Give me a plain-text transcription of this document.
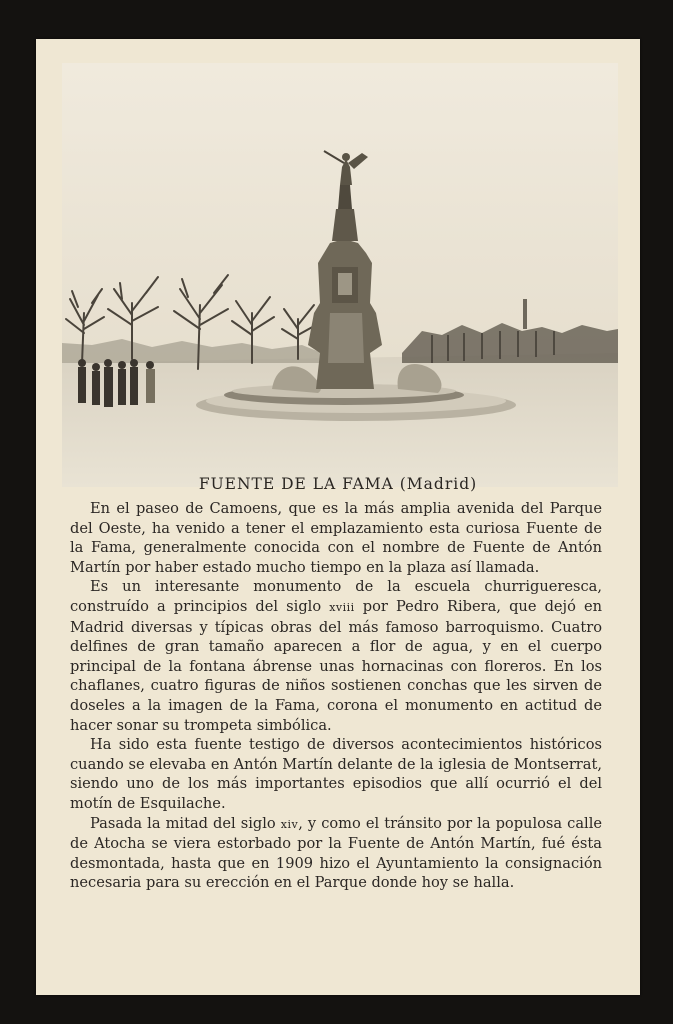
FUENTE DE LA FAMA (Madrid)

En el paseo de Camoens, que es la más amplia avenida del Parque del Oeste, ha venido a tener el emplazamiento esta curiosa Fuente de la Fama, generalmente conocida con el nombre de Fuente de Antón Martín por haber estado mucho tiempo en la plaza así llamada.

Es un interesante monumento de la escuela churrigueresca, construído a principios del siglo xviii por Pedro Ribera, que dejó en Madrid diversas y típicas obras del más famoso barroquismo. Cuatro delfines de gran tamaño aparecen a flor de agua, y en el cuerpo principal de la fontana ábrense unas hornacinas con floreros. En los chaflanes, cuatro figuras de niños sostienen conchas que les sirven de doseles a la imagen de la Fama, corona el monumento en actitud de hacer sonar su trompeta simbólica.

Ha sido esta fuente testigo de diversos acontecimientos históricos cuando se elevaba en Antón Martín delante de la iglesia de Montserrat, siendo uno de los más importantes episodios que allí ocurrió el del motín de Esquilache.

Pasada la mitad del siglo xiv, y como el tránsito por la populosa calle de Atocha se viera estorbado por la Fuente de Antón Martín, fué ésta desmontada, hasta que en 1909 hizo el Ayuntamiento la consignación necesaria para su erección en el Parque donde hoy se halla.
